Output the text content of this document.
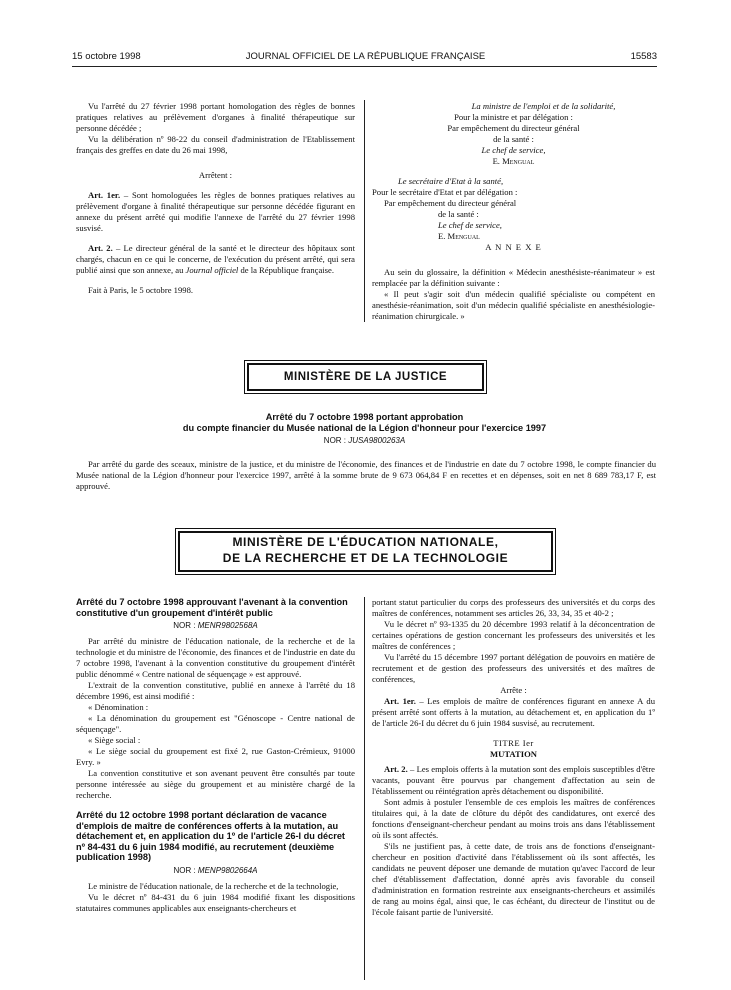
15 octobre 1998	JOURNAL OFFICIEL DE LA RÉPUBLIQUE FRANÇAISE	15583

Vu l'arrêté du 27 février 1998 portant homologation des règles de bonnes pratiques relatives au prélèvement d'organes à finalité thérapeutique sur personne décédée ;

Vu la délibération nº 98-22 du conseil d'administration de l'Etablissement français des greffes en date du 26 mai 1998,

Arrêtent :

Art. 1er. – Sont homologuées les règles de bonnes pratiques relatives au prélèvement d'organe à finalité thérapeutique sur personne décédée figurant en annexe du présent arrêté qui modifie l'annexe de l'arrêté du 27 février 1998 susvisé.

Art. 2. – Le directeur général de la santé et le directeur des hôpitaux sont chargés, chacun en ce qui le concerne, de l'exécution du présent arrêté, qui sera publié ainsi que son annexe, au Journal officiel de la République française.

Fait à Paris, le 5 octobre 1998.

La ministre de l'emploi et de la solidarité,

Pour la ministre et par délégation :

Par empêchement du directeur général

de la santé :

Le chef de service,

E. Mengual

Le secrétaire d'Etat à la santé,

Pour le secrétaire d'Etat et par délégation :

Par empêchement du directeur général

de la santé :

Le chef de service,

E. Mengual

A N N E X E

Au sein du glossaire, la définition « Médecin anesthésiste-réanimateur » est remplacée par la définition suivante :

« Il peut s'agir soit d'un médecin qualifié spécialiste ou compétent en anesthésie-réanimation, soit d'un médecin qualifié spécialiste en anesthésiologie-réanimation chirurgicale. »

MINISTÈRE DE LA JUSTICE
Arrêté du 7 octobre 1998 portant approbation
du compte financier du Musée national de la Légion d'honneur pour l'exercice 1997
NOR : JUSA9800263A

Par arrêté du garde des sceaux, ministre de la justice, et du ministre de l'économie, des finances et de l'industrie en date du 7 octobre 1998, le compte financier du Musée national de la Légion d'honneur pour l'exercice 1997, arrêté à la somme brute de 9 673 064,84 F en recettes et en dépenses, soit en net 8 689 783,17 F, est approuvé.

MINISTÈRE DE L'ÉDUCATION NATIONALE,
DE LA RECHERCHE ET DE LA TECHNOLOGIE

Arrêté du 7 octobre 1998 approuvant l'avenant à la convention constitutive d'un groupement d'intérêt public

NOR : MENR9802568A

Par arrêté du ministre de l'éducation nationale, de la recherche et de la technologie et du ministre de l'économie, des finances et de l'industrie en date du 7 octobre 1998, l'avenant à la convention constitutive du groupement d'intérêt public dénommé « Centre national de séquençage » est approuvé.

L'extrait de la convention constitutive, publié en annexe à l'arrêté du 18 décembre 1996, est ainsi modifié :

« Dénomination :

« La dénomination du groupement est "Génoscope - Centre national de séquençage".

« Siège social :

« Le siège social du groupement est fixé 2, rue Gaston-Crémieux, 91000 Evry. »

La convention constitutive et son avenant peuvent être consultés par toute personne intéressée au siège du groupement et au ministère chargé de la recherche.

Arrêté du 12 octobre 1998 portant déclaration de vacance d'emplois de maître de conférences offerts à la mutation, au détachement et, en application du 1º de l'article 26-I du décret nº 84-431 du 6 juin 1984 modifié, au recrutement (deuxième publication 1998)

NOR : MENP9802664A

Le ministre de l'éducation nationale, de la recherche et de la technologie,

Vu le décret nº 84-431 du 6 juin 1984 modifié fixant les dispositions statutaires communes applicables aux enseignants-chercheurs et

portant statut particulier du corps des professeurs des universités et du corps des maîtres de conférences, notamment ses articles 26, 33, 34, 35 et 40-2 ;

Vu le décret nº 93-1335 du 20 décembre 1993 relatif à la déconcentration de certaines opérations de gestion concernant les professeurs des universités et les maîtres de conférences ;

Vu l'arrêté du 15 décembre 1997 portant délégation de pouvoirs en matière de recrutement et de gestion des professeurs des universités et des maîtres de conférences,

Arrête :

Art. 1er. – Les emplois de maître de conférences figurant en annexe A du présent arrêté sont offerts à la mutation, au détachement et, en application du 1º de l'article 26-I du décret du 6 juin 1984 susvisé, au recrutement.

TITRE Ier

MUTATION

Art. 2. – Les emplois offerts à la mutation sont des emplois susceptibles d'être vacants, pouvant être pourvus par changement d'affectation au sein de l'établissement ou réintégration après détachement ou disponibilité.

Sont admis à postuler l'ensemble de ces emplois les maîtres de conférences titulaires qui, à la date de clôture du dépôt des candidatures, ont exercé des fonctions d'enseignant-chercheur pendant au moins trois ans dans l'établissement où ils sont affectés.

S'ils ne justifient pas, à cette date, de trois ans de fonctions d'enseignant-chercheur en position d'activité dans l'établissement où ils sont affectés, les candidats ne peuvent déposer une demande de mutation qu'avec l'accord de leur chef d'établissement d'affectation, donné après avis favorable du conseil d'administration en formation restreinte aux enseignants-chercheurs et assimilés de rang au moins égal, ainsi que, le cas échéant, du directeur de l'institut ou de l'école faisant partie de l'université.
